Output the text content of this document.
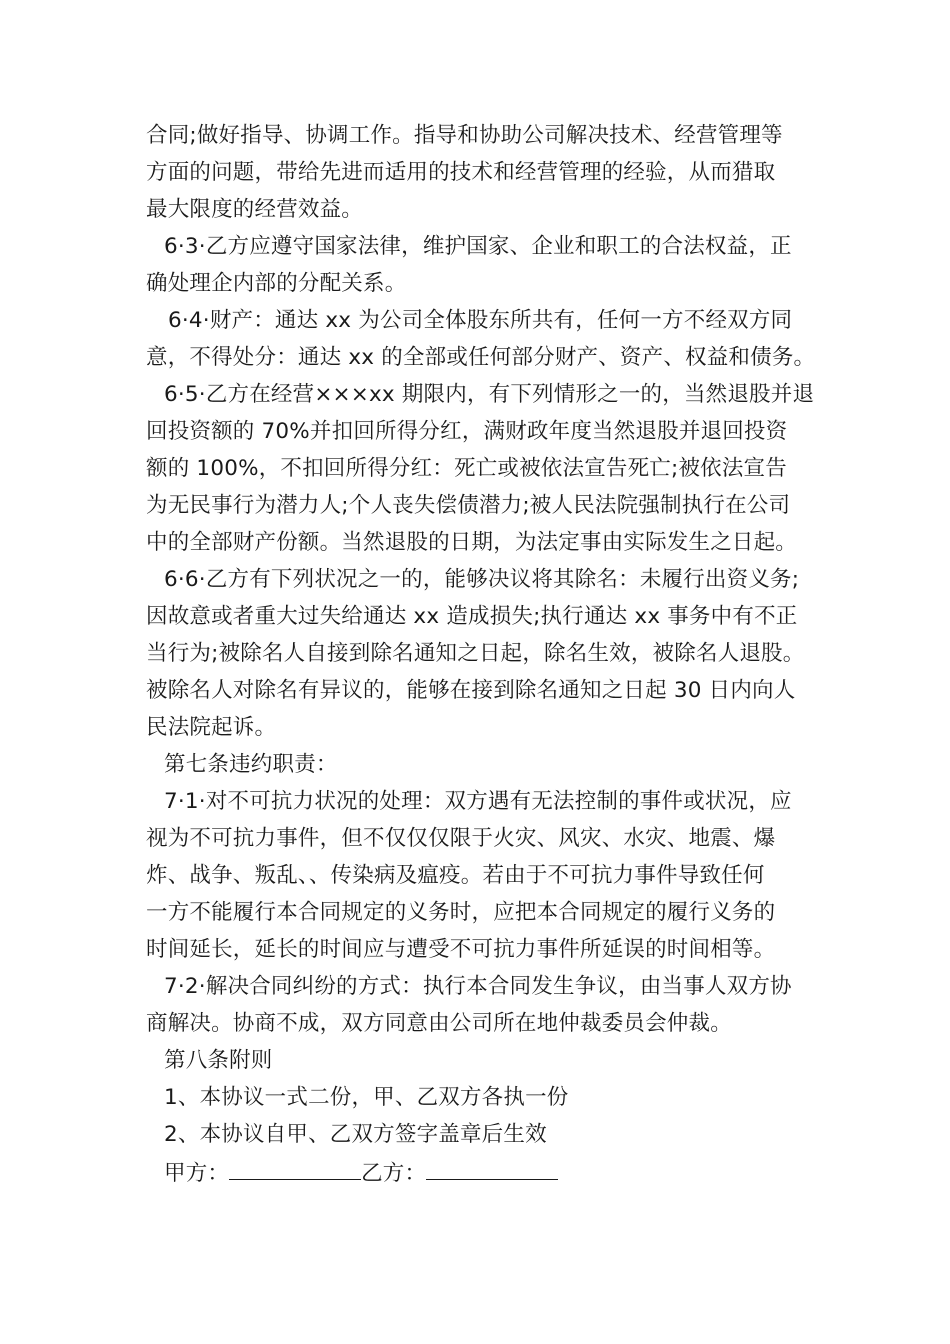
合同;做好指导、协调工作。指导和协助公司解决技术、经营管理等
方面的问题，带给先进而适用的技术和经营管理的经验，从而猎取
最大限度的经营效益。
6·3·乙方应遵守国家法律，维护国家、企业和职工的合法权益，正
确处理企内部的分配关系。
6·4·财产：通达 xx 为公司全体股东所共有，任何一方不经双方同
意，不得处分：通达 xx 的全部或任何部分财产、资产、权益和债务。
6·5·乙方在经营×××xx 期限内，有下列情形之一的，当然退股并退
回投资额的 70%并扣回所得分红，满财政年度当然退股并退回投资
额的 100%，不扣回所得分红：死亡或被依法宣告死亡;被依法宣告
为无民事行为潜力人;个人丧失偿债潜力;被人民法院强制执行在公司
中的全部财产份额。当然退股的日期，为法定事由实际发生之日起。
6·6·乙方有下列状况之一的，能够决议将其除名：未履行出资义务;
因故意或者重大过失给通达 xx 造成损失;执行通达 xx 事务中有不正
当行为;被除名人自接到除名通知之日起，除名生效，被除名人退股。
被除名人对除名有异议的，能够在接到除名通知之日起 30 日内向人
民法院起诉。
第七条违约职责：
7·1·对不可抗力状况的处理：双方遇有无法控制的事件或状况，应
视为不可抗力事件，但不仅仅仅限于火灾、风灾、水灾、地震、爆
炸、战争、叛乱、、传染病及瘟疫。若由于不可抗力事件导致任何
一方不能履行本合同规定的义务时，应把本合同规定的履行义务的
时间延长，延长的时间应与遭受不可抗力事件所延误的时间相等。
7·2·解决合同纠纷的方式：执行本合同发生争议，由当事人双方协
商解决。协商不成，双方同意由公司所在地仲裁委员会仲裁。
第八条附则
1、本协议一式二份，甲、乙双方各执一份
2、本协议自甲、乙双方签字盖章后生效
甲方：	乙方：
